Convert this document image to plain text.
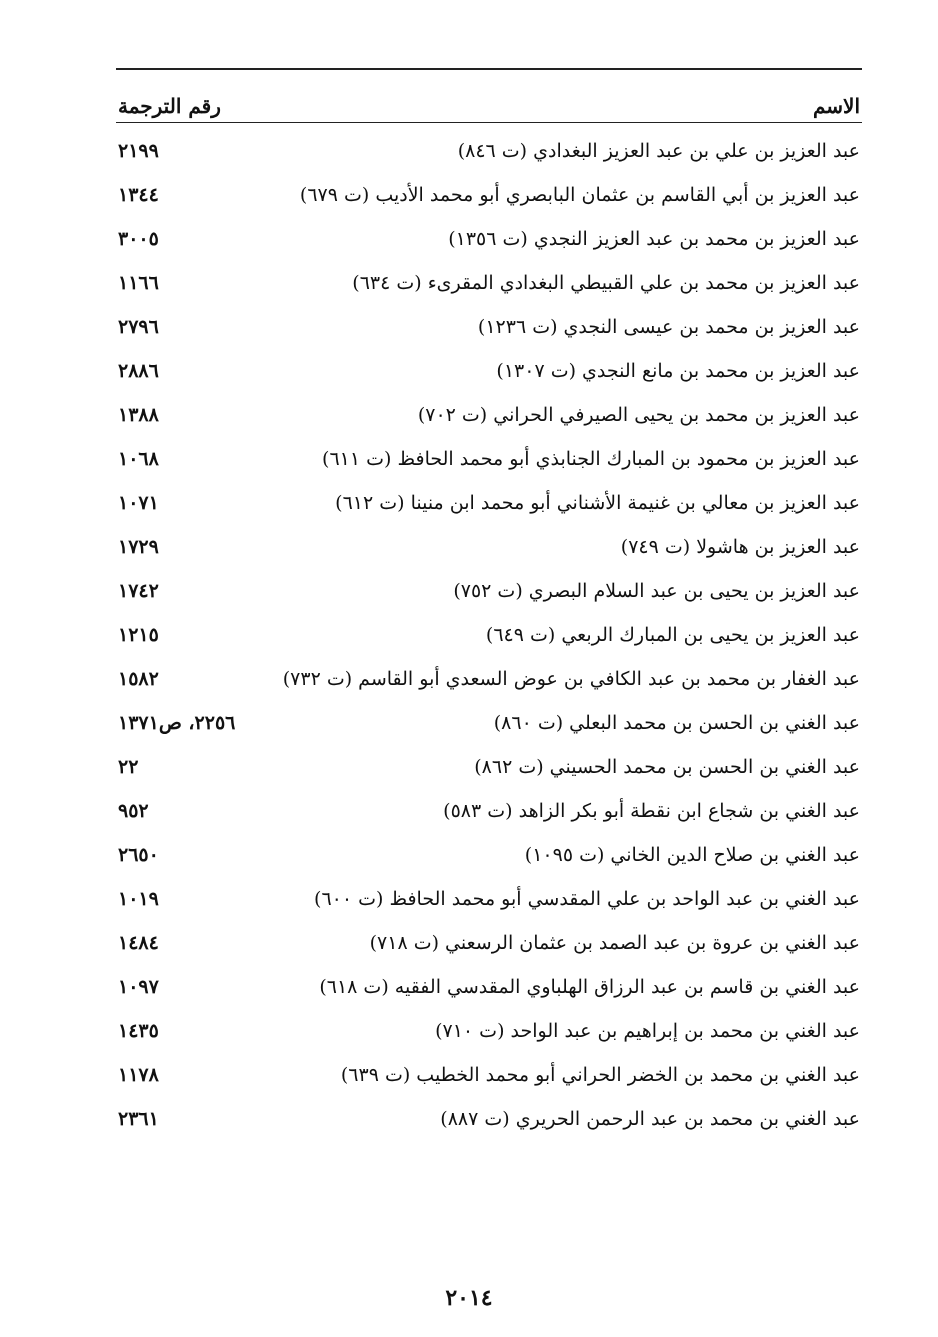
الاسم
رقم الترجمة
عبد العزيز بن علي بن عبد العزيز البغدادي (ت ٨٤٦)
٢١٩٩
عبد العزيز بن أبي القاسم بن عثمان البابصري أبو محمد الأديب (ت ٦٧٩)
١٣٤٤
عبد العزيز بن محمد بن عبد العزيز النجدي (ت ١٣٥٦)
٣٠٠٥
عبد العزيز بن محمد بن علي القبيطي البغدادي المقرىء (ت ٦٣٤)
١١٦٦
عبد العزيز بن محمد بن عيسى النجدي (ت ١٢٣٦)
٢٧٩٦
عبد العزيز بن محمد بن مانع النجدي (ت ١٣٠٧)
٢٨٨٦
عبد العزيز بن محمد بن يحيى الصيرفي الحراني (ت ٧٠٢)
١٣٨٨
عبد العزيز بن محمود بن المبارك الجنابذي أبو محمد الحافظ (ت ٦١١)
١٠٦٨
عبد العزيز بن معالي بن غنيمة الأشناني أبو محمد ابن منينا (ت ٦١٢)
١٠٧١
عبد العزيز بن هاشولا (ت ٧٤٩)
١٧٢٩
عبد العزيز بن يحيى بن عبد السلام البصري (ت ٧٥٢)
١٧٤٢
عبد العزيز بن يحيى بن المبارك الربعي (ت ٦٤٩)
١٢١٥
عبد الغفار بن محمد بن عبد الكافي بن عوض السعدي أبو القاسم (ت ٧٣٢)
١٥٨٢
عبد الغني بن الحسن بن محمد البعلي (ت ٨٦٠)
٢٢٥٦، ص١٣٧١
عبد الغني بن الحسن بن محمد الحسيني (ت ٨٦٢)
٢٢
عبد الغني بن شجاع ابن نقطة أبو بكر الزاهد (ت ٥٨٣)
٩٥٢
عبد الغني بن صلاح الدين الخاني (ت ١٠٩٥)
٢٦٥٠
عبد الغني بن عبد الواحد بن علي المقدسي أبو محمد الحافظ (ت ٦٠٠)
١٠١٩
عبد الغني بن عروة بن عبد الصمد بن عثمان الرسعني (ت ٧١٨)
١٤٨٤
عبد الغني بن قاسم بن عبد الرزاق الهلباوي المقدسي الفقيه (ت ٦١٨)
١٠٩٧
عبد الغني بن محمد بن إبراهيم بن عبد الواحد (ت ٧١٠)
١٤٣٥
عبد الغني بن محمد بن الخضر الحراني أبو محمد الخطيب (ت ٦٣٩)
١١٧٨
عبد الغني بن محمد بن عبد الرحمن الحريري (ت ٨٨٧)
٢٣٦١
٢٠١٤
